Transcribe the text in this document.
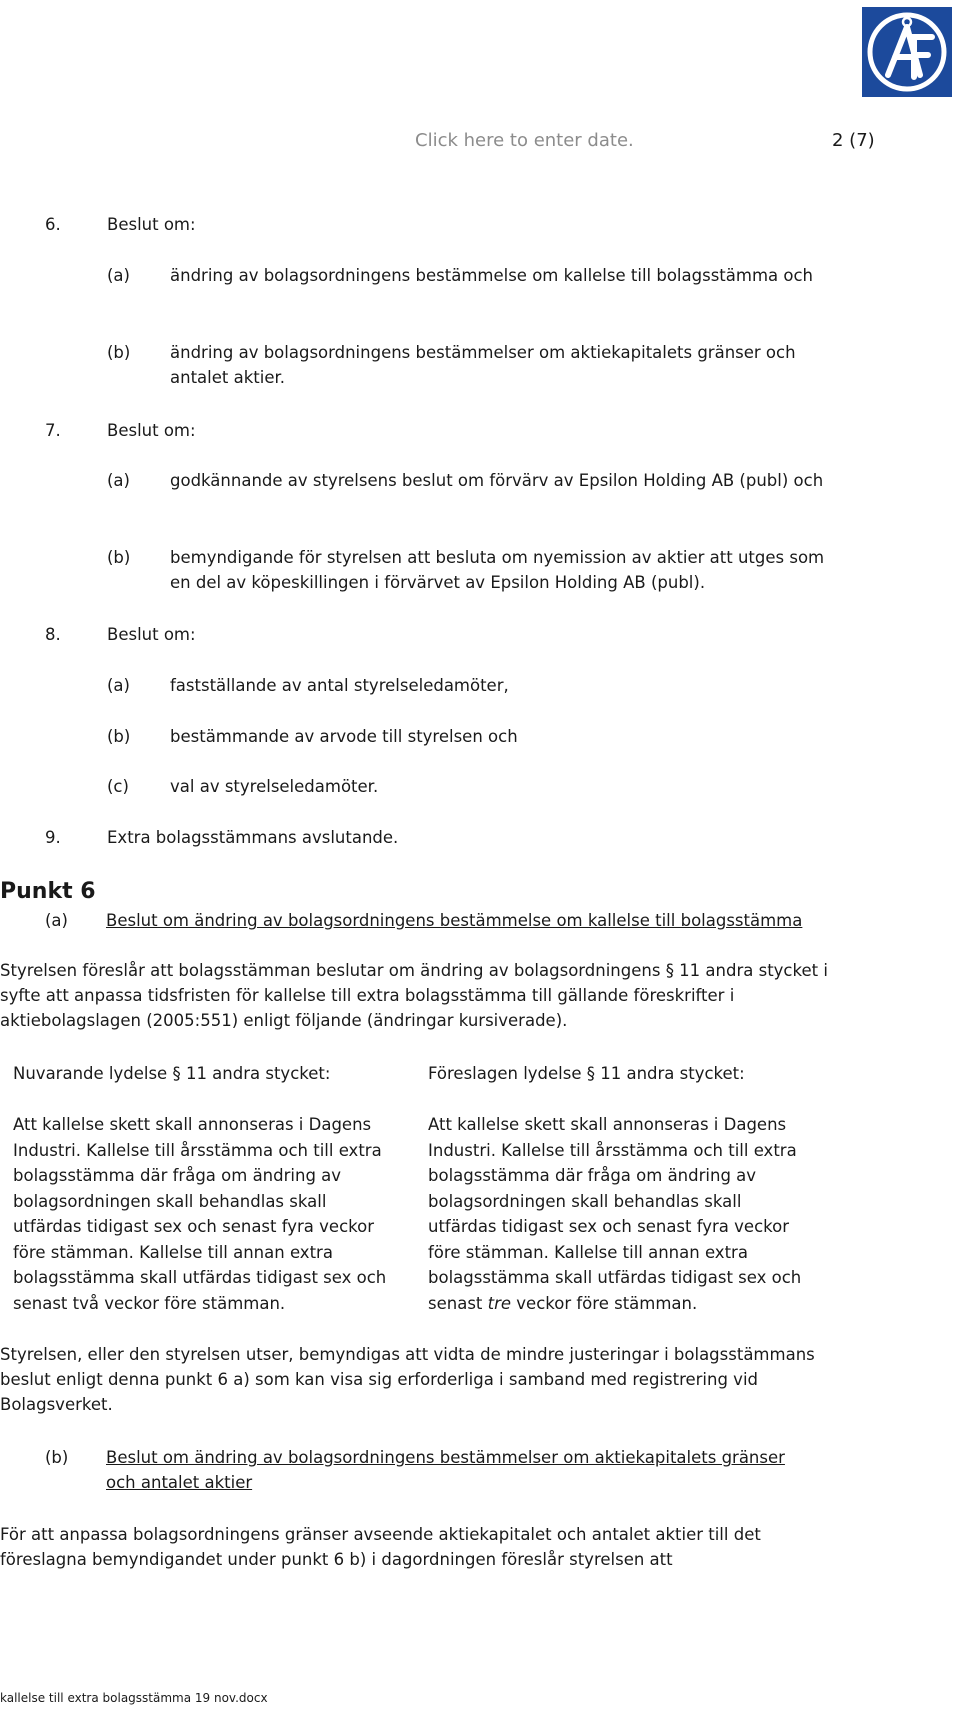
Click here to enter date.	2 (7)
6.	Beslut om:
(a)	ändring av bolagsordningens bestämmelse om kallelse till bolagsstämma och
(b)	ändring av bolagsordningens bestämmelser om aktiekapitalets gränser och antalet aktier.
7.	Beslut om:
(a)	godkännande av styrelsens beslut om förvärv av Epsilon Holding AB (publ) och
(b)	bemyndigande för styrelsen att besluta om nyemission av aktier att utges som en del av köpeskillingen i förvärvet av Epsilon Holding AB (publ).
8.	Beslut om:
(a)	fastställande av antal styrelseledamöter,
(b)	bestämmande av arvode till styrelsen och
(c)	val av styrelseledamöter.
9.	Extra bolagsstämmans avslutande.
Punkt 6
(a) Beslut om ändring av bolagsordningens bestämmelse om kallelse till bolagsstämma
Styrelsen föreslår att bolagsstämman beslutar om ändring av bolagsordningens § 11 andra stycket i syfte att anpassa tidsfristen för kallelse till extra bolagsstämma till gällande föreskrifter i aktiebolagslagen (2005:551) enligt följande (ändringar kursiverade).
Nuvarande lydelse § 11 andra stycket:
Att kallelse skett skall annonseras i Dagens Industri. Kallelse till årsstämma och till extra bolagsstämma där fråga om ändring av bolagsordningen skall behandlas skall utfärdas tidigast sex och senast fyra veckor före stämman. Kallelse till annan extra bolagsstämma skall utfärdas tidigast sex och senast två veckor före stämman.
Föreslagen lydelse § 11 andra stycket:
Att kallelse skett skall annonseras i Dagens Industri. Kallelse till årsstämma och till extra bolagsstämma där fråga om ändring av bolagsordningen skall behandlas skall utfärdas tidigast sex och senast fyra veckor före stämman. Kallelse till annan extra bolagsstämma skall utfärdas tidigast sex och senast tre veckor före stämman.
Styrelsen, eller den styrelsen utser, bemyndigas att vidta de mindre justeringar i bolagsstämmans beslut enligt denna punkt 6 a) som kan visa sig erforderliga i samband med registrering vid Bolagsverket.
(b) Beslut om ändring av bolagsordningens bestämmelser om aktiekapitalets gränser och antalet aktier
För att anpassa bolagsordningens gränser avseende aktiekapitalet och antalet aktier till det föreslagna bemyndigandet under punkt 6 b) i dagordningen föreslår styrelsen att
kallelse till extra bolagsstämma 19 nov.docx
